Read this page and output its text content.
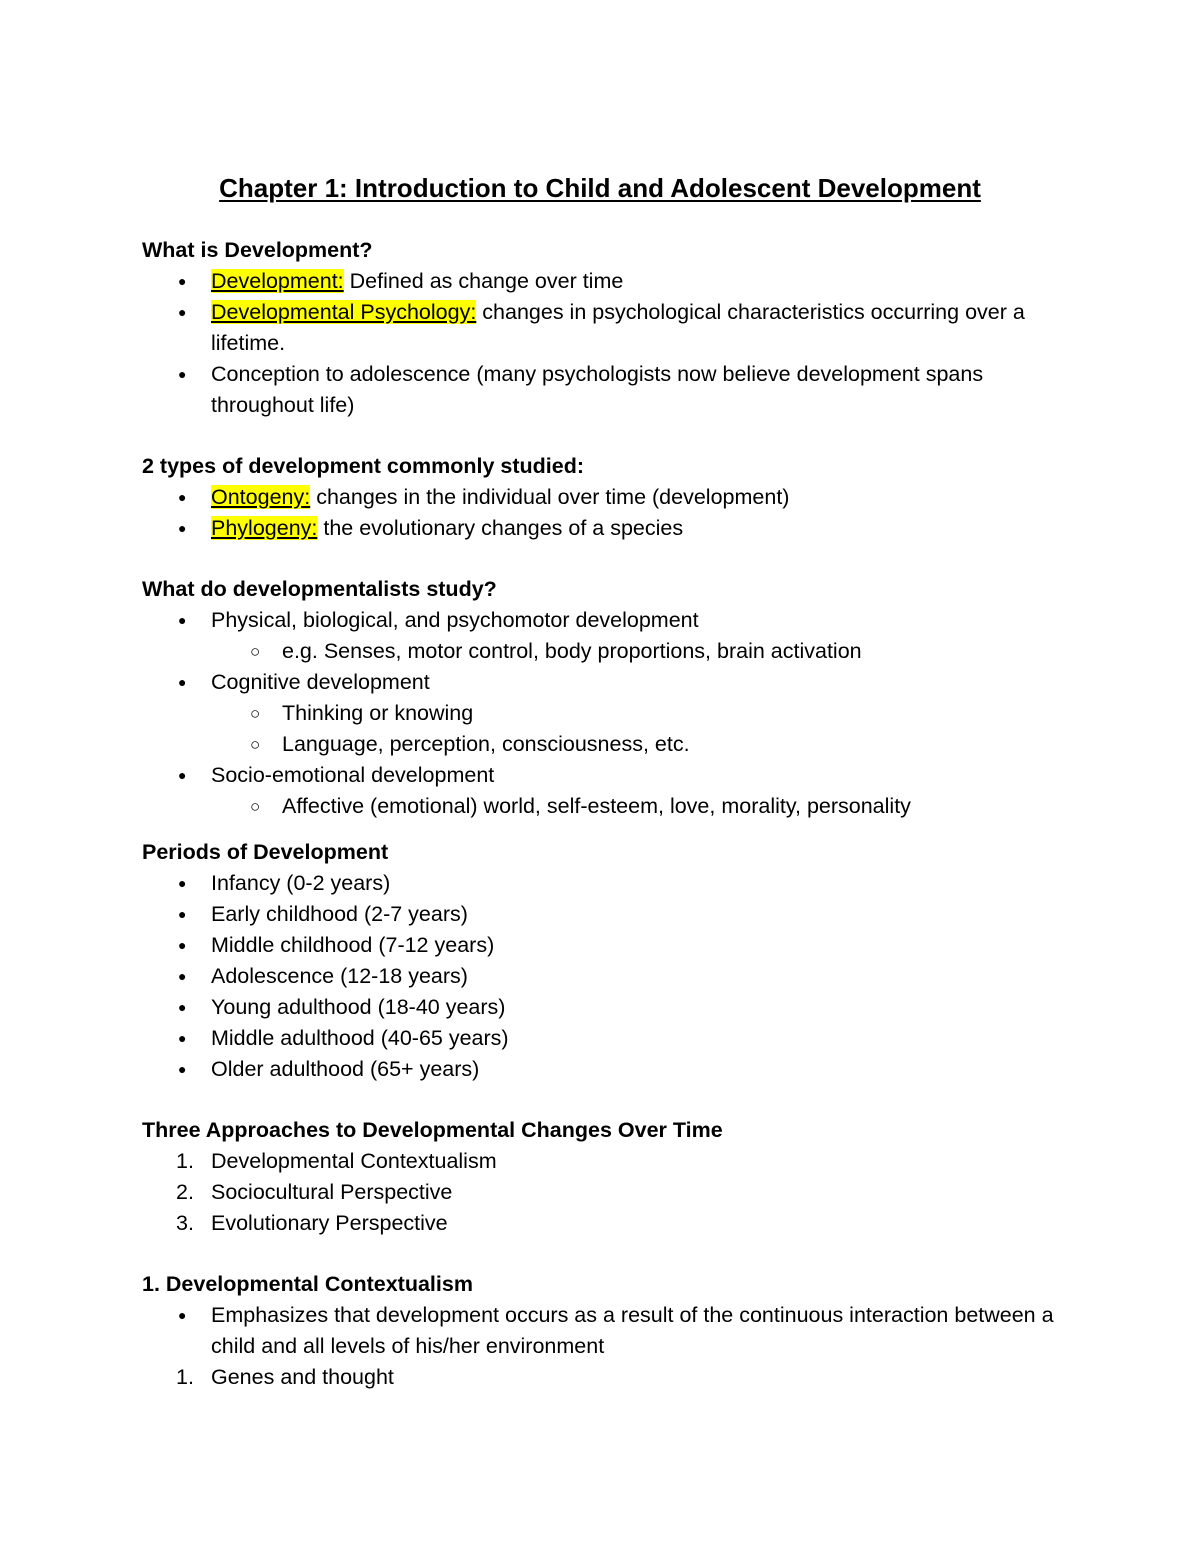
Chapter 1: Introduction to Child and Adolescent Development
What is Development?
● Development: Defined as change over time
● Developmental Psychology: changes in psychological characteristics occurring over a lifetime.
● Conception to adolescence (many psychologists now believe development spans throughout life)
2 types of development commonly studied:
● Ontogeny: changes in the individual over time (development)
● Phylogeny: the evolutionary changes of a species
What do developmentalists study?
● Physical, biological, and psychomotor development
○ e.g. Senses, motor control, body proportions, brain activation
● Cognitive development
○ Thinking or knowing
○ Language, perception, consciousness, etc.
● Socio-emotional development
○ Affective (emotional) world, self-esteem, love, morality, personality
Periods of Development
● Infancy (0-2 years)
● Early childhood (2-7 years)
● Middle childhood (7-12 years)
● Adolescence (12-18 years)
● Young adulthood (18-40 years)
● Middle adulthood (40-65 years)
● Older adulthood (65+ years)
Three Approaches to Developmental Changes Over Time
1. Developmental Contextualism
2. Sociocultural Perspective
3. Evolutionary Perspective
1. Developmental Contextualism
● Emphasizes that development occurs as a result of the continuous interaction between a child and all levels of his/her environment
1. Genes and thought
